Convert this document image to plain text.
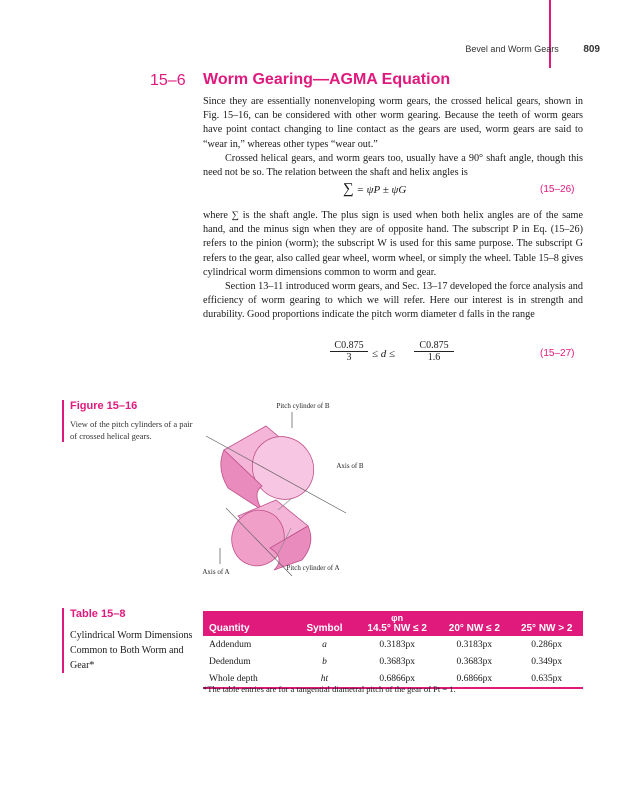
Bevel and Worm Gears 809
15–6 Worm Gearing—AGMA Equation

Since they are essentially nonenveloping worm gears, the crossed helical gears, shown in Fig. 15–16, can be considered with other worm gearing. Because the teeth of worm gears have point contact changing to line contact as the gears are used, worm gears are said to “wear in,” whereas other types “wear out.”

Crossed helical gears, and worm gears too, usually have a 90° shaft angle, though this need not be so. The relation between the shaft and helix angles is

∑ = ψP ± ψG	(15–26)

where ∑ is the shaft angle. The plus sign is used when both helix angles are of the same hand, and the minus sign when they are of opposite hand. The subscript P in Eq. (15–26) refers to the pinion (worm); the subscript W is used for this same purpose. The subscript G refers to the gear, also called gear wheel, worm wheel, or simply the wheel. Table 15–8 gives cylindrical worm dimensions common to worm and gear.

Section 13–11 introduced worm gears, and Sec. 13–17 developed the force analysis and efficiency of worm gearing to which we will refer. Here our interest is in strength and durability. Good proportions indicate the pitch worm diameter d falls in the range

$\frac{C0.875}{3} \le d \le \frac{C0.875}{1.6}$	(15–27)
Figure 15–16
View of the pitch cylinders of a pair of crossed helical gears.
Pitch cylinder of B
Axis of B
Axis of A	Pitch cylinder of A
Table 15–8
Cylindrical Worm Dimensions Common to Both Worm and Gear*
Quantity	Symbol	φn
14.5° NW ≤ 2	20° NW ≤ 2	25° NW > 2
Addendum	a	0.3183px	0.3183px	0.286px
Dedendum	b	0.3683px	0.3683px	0.349px
Whole depth	ht	0.6866px	0.6866px	0.635px
*The table entries are for a tangential diametral pitch of the gear of Pt = 1.
